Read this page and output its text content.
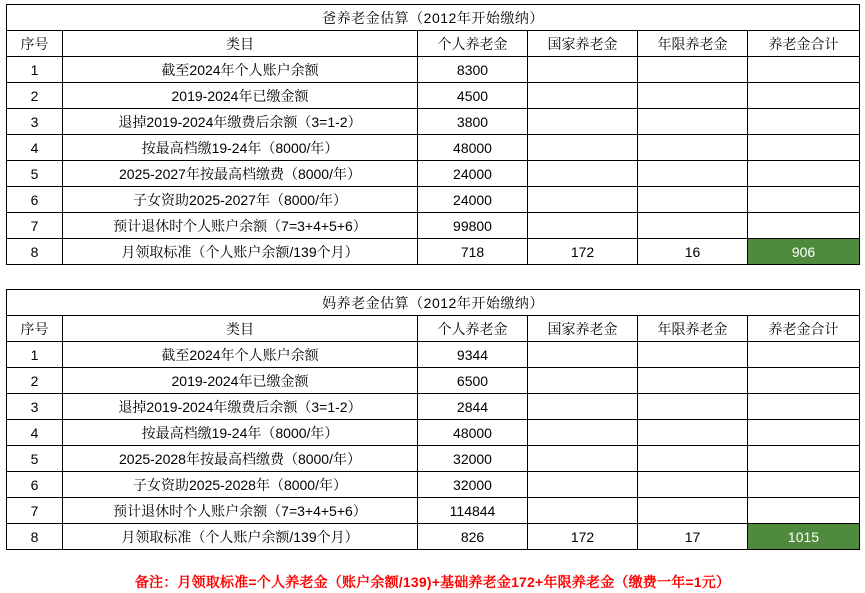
爸养老金估算（2012年开始缴纳）					
序号	类目	个人养老金	国家养老金	年限养老金	养老金合计
1	截至2024年个人账户余额	8300			
2	2019-2024年已缴金额	4500			
3	退掉2019-2024年缴费后余额（3=1-2）	3800			
4	按最高档缴19-24年（8000/年）	48000			
5	2025-2027年按最高档缴费（8000/年）	24000			
6	子女资助2025-2027年（8000/年）	24000			
7	预计退休时个人账户余额（7=3+4+5+6）	99800			
8	月领取标准（个人账户余额/139个月）	718	172	16	906
妈养老金估算（2012年开始缴纳）					
序号	类目	个人养老金	国家养老金	年限养老金	养老金合计
1	截至2024年个人账户余额	9344			
2	2019-2024年已缴金额	6500			
3	退掉2019-2024年缴费后余额（3=1-2）	2844			
4	按最高档缴19-24年（8000/年）	48000			
5	2025-2028年按最高档缴费（8000/年）	32000			
6	子女资助2025-2028年（8000/年）	32000			
7	预计退休时个人账户余额（7=3+4+5+6）	114844			
8	月领取标准（个人账户余额/139个月）	826	172	17	1015
备注：月领取标准=个人养老金（账户余额/139)+基础养老金172+年限养老金（缴费一年=1元）
